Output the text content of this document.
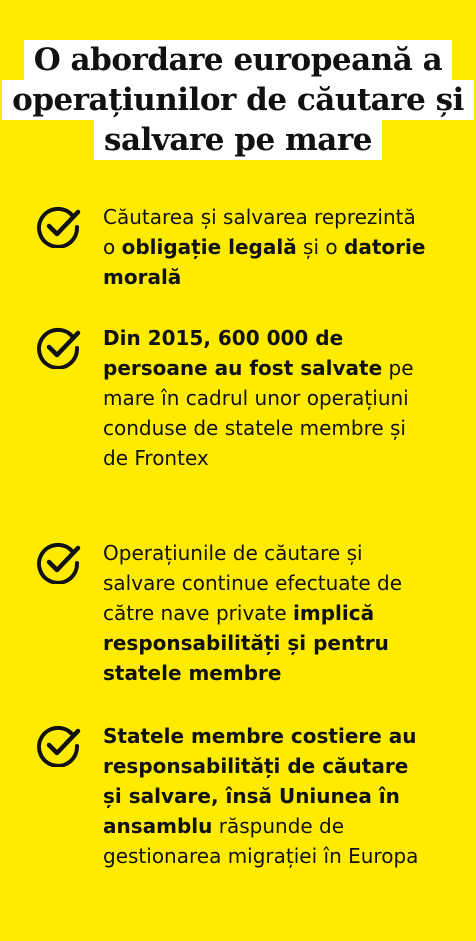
O abordare europeană a
operațiunilor de căutare și
salvare pe mare
Căutarea și salvarea reprezintă o obligație legală și o datorie morală
Din 2015, 600 000 de persoane au fost salvate pe mare în cadrul unor operațiuni conduse de statele membre și de Frontex
Operațiunile de căutare și salvare continue efectuate de către nave private implică responsabilități și pentru statele membre
Statele membre costiere au responsabilități de căutare și salvare, însă Uniunea în ansamblu răspunde de gestionarea migrației în Europa
